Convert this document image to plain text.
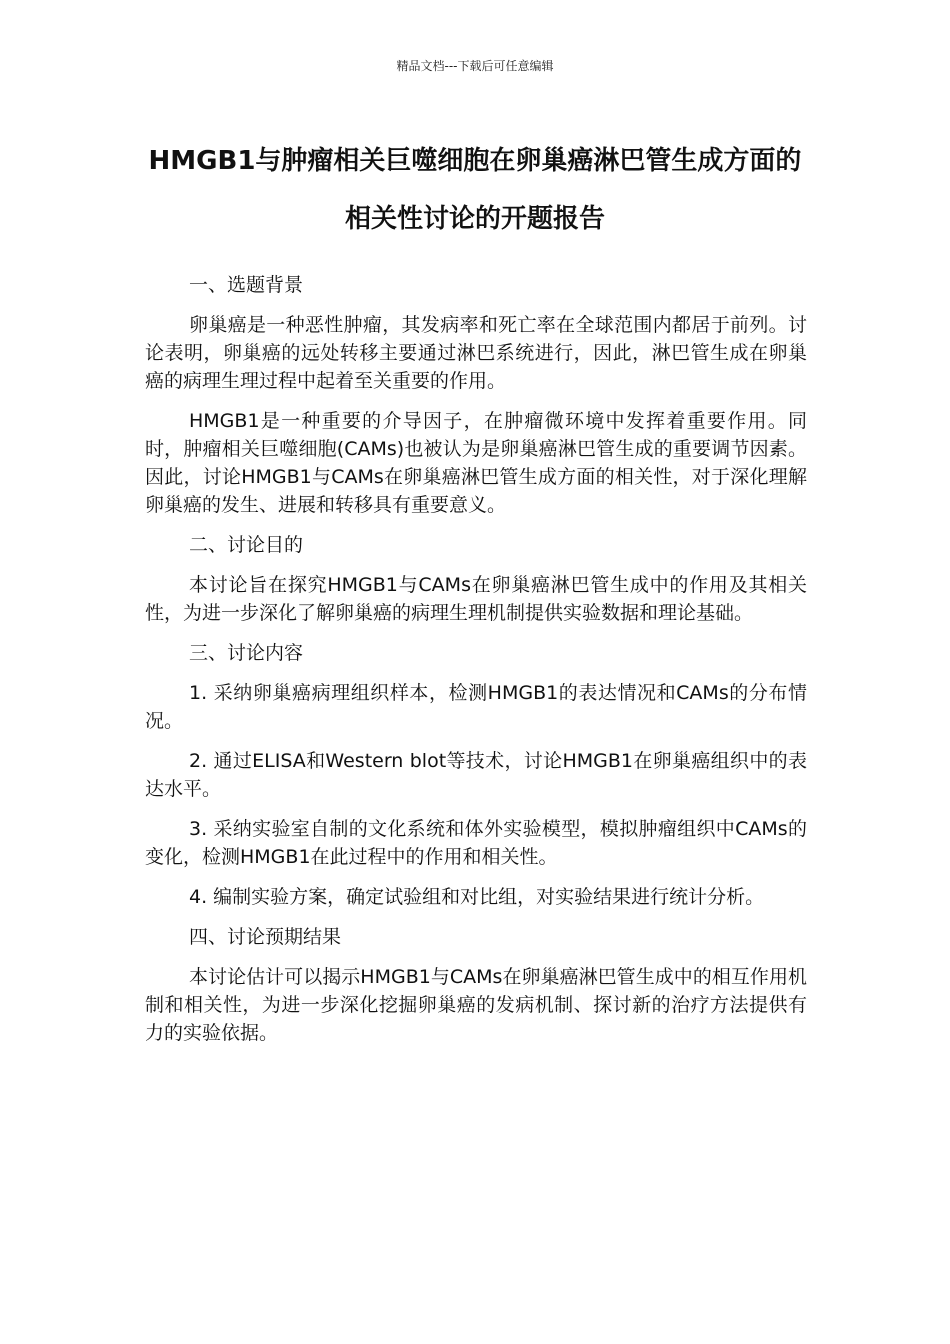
精品文档---下载后可任意编辑
HMGB1与肿瘤相关巨噬细胞在卵巢癌淋巴管生成方面的相关性讨论的开题报告
一、选题背景

卵巢癌是一种恶性肿瘤，其发病率和死亡率在全球范围内都居于前列。讨论表明，卵巢癌的远处转移主要通过淋巴系统进行，因此，淋巴管生成在卵巢癌的病理生理过程中起着至关重要的作用。

HMGB1是一种重要的介导因子，在肿瘤微环境中发挥着重要作用。同时，肿瘤相关巨噬细胞(CAMs)也被认为是卵巢癌淋巴管生成的重要调节因素。因此，讨论HMGB1与CAMs在卵巢癌淋巴管生成方面的相关性，对于深化理解卵巢癌的发生、进展和转移具有重要意义。

二、讨论目的

本讨论旨在探究HMGB1与CAMs在卵巢癌淋巴管生成中的作用及其相关性，为进一步深化了解卵巢癌的病理生理机制提供实验数据和理论基础。

三、讨论内容

1. 采纳卵巢癌病理组织样本，检测HMGB1的表达情况和CAMs的分布情况。

2. 通过ELISA和Western blot等技术，讨论HMGB1在卵巢癌组织中的表达水平。

3. 采纳实验室自制的文化系统和体外实验模型，模拟肿瘤组织中CAMs的变化，检测HMGB1在此过程中的作用和相关性。

4. 编制实验方案，确定试验组和对比组，对实验结果进行统计分析。

四、讨论预期结果

本讨论估计可以揭示HMGB1与CAMs在卵巢癌淋巴管生成中的相互作用机制和相关性，为进一步深化挖掘卵巢癌的发病机制、探讨新的治疗方法提供有力的实验依据。
